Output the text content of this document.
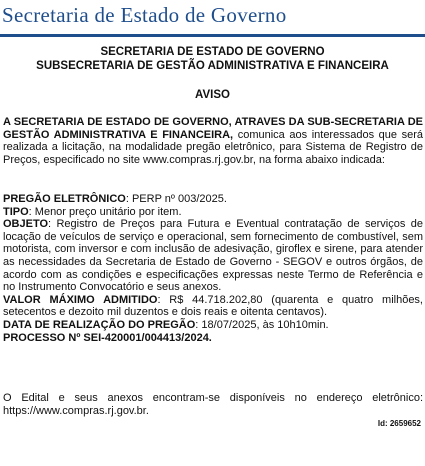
Secretaria de Estado de Governo
SECRETARIA DE ESTADO DE GOVERNO
SUBSECRETARIA DE GESTÃO ADMINISTRATIVA E FINANCEIRA
AVISO
A SECRETARIA DE ESTADO DE GOVERNO, ATRAVES DA SUB-SECRETARIA DE GESTÃO ADMINISTRATIVA E FINANCEIRA, comunica aos interessados que será realizada a licitação, na modalidade pregão eletrônico, para Sistema de Registro de Preços, especificado no site www.compras.rj.gov.br, na forma abaixo indicada:
PREGÃO ELETRÔNICO: PERP nº 003/2025.
TIPO: Menor preço unitário por item.
OBJETO: Registro de Preços para Futura e Eventual contratação de serviços de locação de veículos de serviço e operacional, sem fornecimento de combustível, sem motorista, com inversor e com inclusão de adesivação, giroflex e sirene, para atender as necessidades da Secretaria de Estado de Governo - SEGOV e outros órgãos, de acordo com as condições e especificações expressas neste Termo de Referência e no Instrumento Convocatório e seus anexos.
VALOR MÁXIMO ADMITIDO: R$ 44.718.202,80 (quarenta e quatro milhões, setecentos e dezoito mil duzentos e dois reais e oitenta centavos).
DATA DE REALIZAÇÃO DO PREGÃO: 18/07/2025, às 10h10min.
PROCESSO Nº SEI-420001/004413/2024.
O Edital e seus anexos encontram-se disponíveis no endereço eletrônico: https://www.compras.rj.gov.br.
Id: 2659652
